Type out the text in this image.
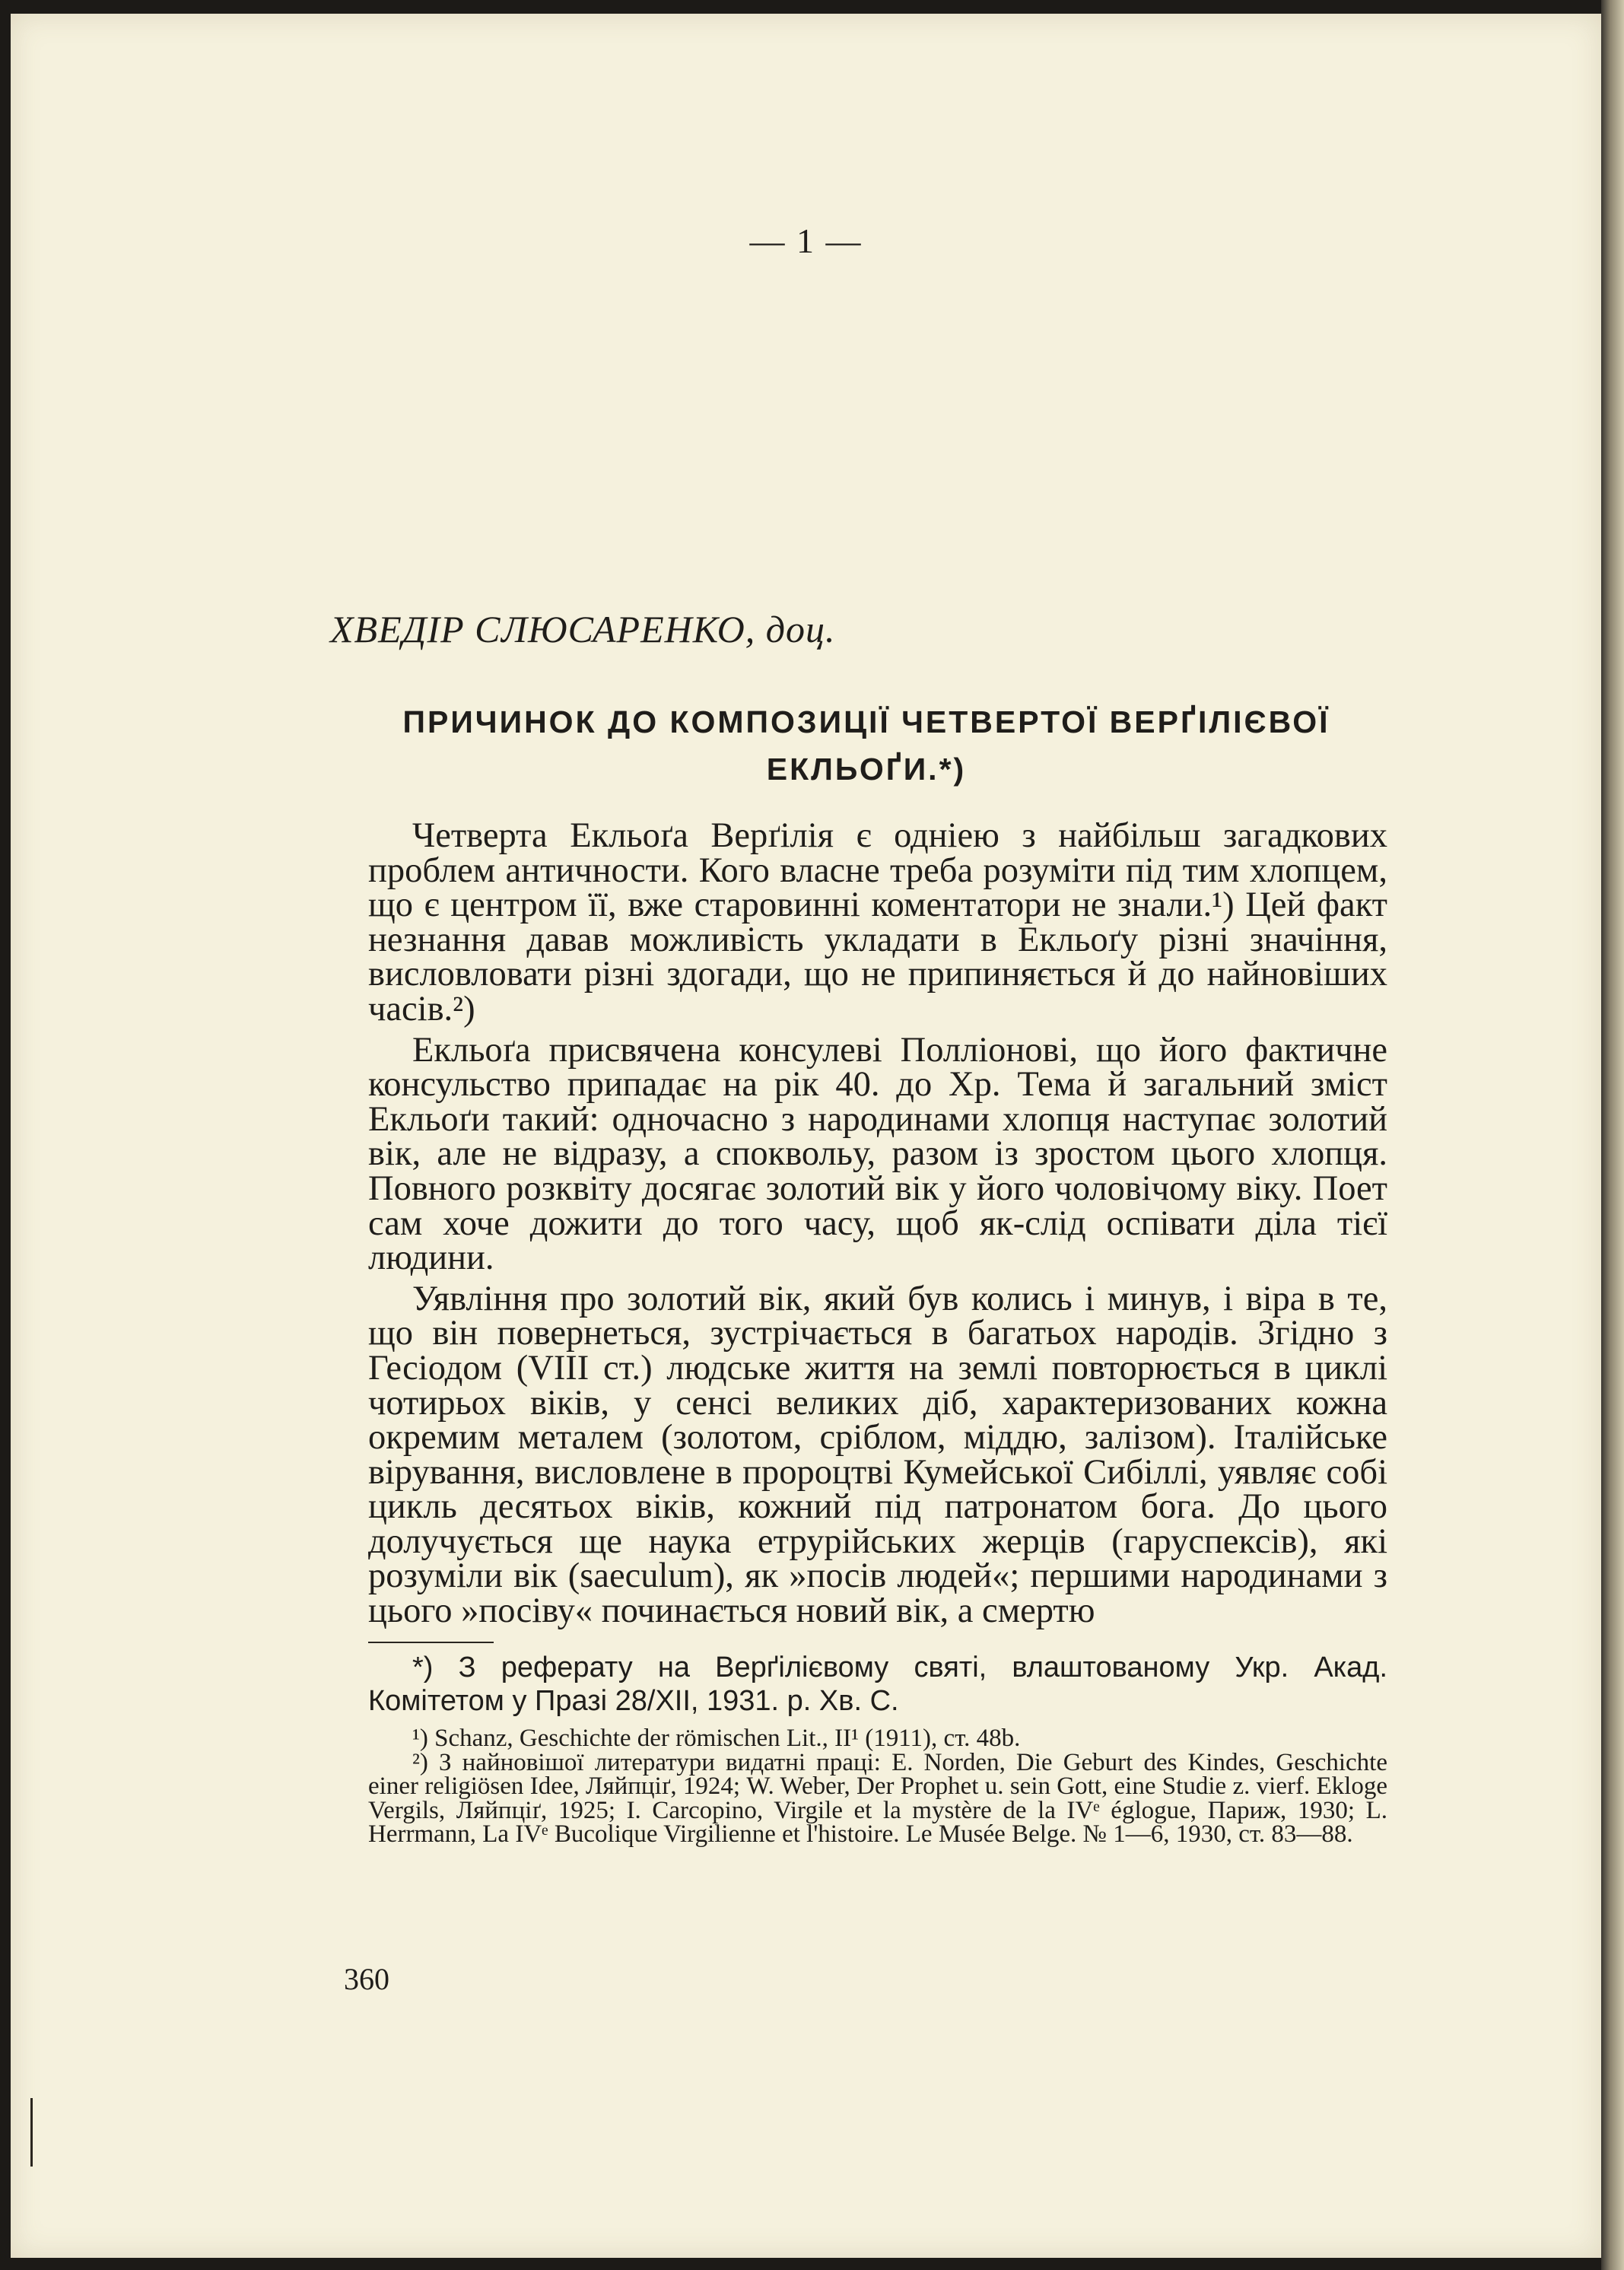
— 1 —
ХВЕДІР СЛЮСАРЕНКО, доц.
ПРИЧИНОК ДО КОМПОЗИЦІЇ ЧЕТВЕРТОЇ ВЕРҐІЛІЄВОЇ
ЕКЛЬОҐИ.*)

Четверта Екльоґа Верґілія є одніею з найбільш загадкових проблем античности. Кого власне треба розуміти під тим хлопцем, що є центром її, вже старовинні коментатори не знали.¹) Цей факт незнання давав можливість укладати в Екльоґу різні значіння, висловловати різні здогади, що не припиняється й до найновіших часів.²)

Екльоґа присвячена консулеві Полліонові, що його фактичне консульство припадає на рік 40. до Хр. Тема й загальний зміст Екльоґи такий: одночасно з народинами хлопця наступає золотий вік, але не відразу, а споквольу, разом із зростом цього хлопця. Повного розквіту досягає золотий вік у його чоловічому віку. Поет сам хоче дожити до того часу, щоб як-слід оспівати діла тієї людини.

Уявління про золотий вік, який був колись і минув, і віра в те, що він повернеться, зустрічається в багатьох народів. Згідно з Гесіодом (VIII ст.) людське життя на землі повторюється в циклі чотирьох віків, у сенсі великих діб, характеризованих кожна окремим металем (золотом, сріблом, міддю, залізом). Італійське вірування, висловлене в пророцтві Кумейської Сибіллі, уявляє собі цикль десятьох віків, кожний під патронатом бога. До цього долучується ще наука етрурійських жерців (гаруспексів), які розуміли вік (saeculum), як »посів людей«; першими народинами з цього »посіву« починається новий вік, а смертю

*) З реферату на Верґілієвому святі, влаштованому Укр. Акад. Комітетом у Празі 28/XII, 1931. р. Хв. С.

¹) Schanz, Geschichte der römischen Lit., II¹ (1911), ст. 48b.

²) З найновішої литератури видатні праці: E. Norden, Die Geburt des Kindes, Geschichte einer religiösen Idee, Ляйпціґ, 1924; W. Weber, Der Prophet u. sein Gott, eine Studie z. vierf. Ekloge Vergils, Ляйпціґ, 1925; I. Carcopino, Virgile et la mystère de la IVᵉ églogue, Париж, 1930; L. Herrmann, La IVᵉ Bucolique Virgilienne et l'histoire. Le Musée Belge. № 1—6, 1930, ст. 83—88.

360
